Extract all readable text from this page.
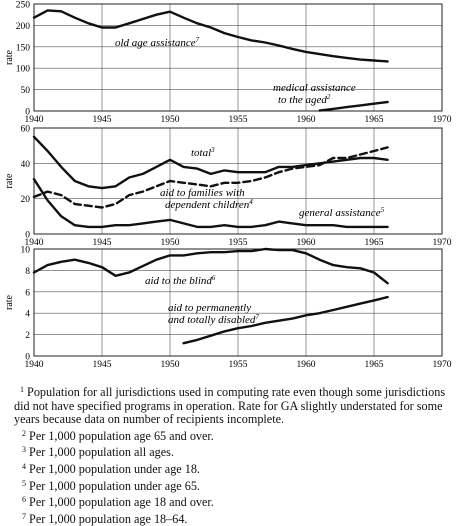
rate
0
50
100
150
200
250
1940	1945	1950	1955	1960	1965	1970
old age assistance$^7$
medical assistance
to the aged$^2$
rate
0
20
40
60
1940	1945	1950	1955	1960	1965	1970
total$^3$
aid to families with
dependent children$^4$
general assistance$^5$
rate
0
2
4
6
8
10
1940	1945	1950	1955	1960	1965	1970
aid to the blind$^6$
aid to permanently
and totally disabled$^7$
$^1$ Population for all jurisdictions used in computing rate even though some jurisdictions did not have specified programs in operation. Rate for GA slightly understated for some years because data on number of recipients incomplete.
$^2$ Per 1,000 population age 65 and over.
$^3$ Per 1,000 population all ages.
$^4$ Per 1,000 population under age 18.
$^5$ Per 1,000 population under age 65.
$^6$ Per 1,000 population age 18 and over.
$^7$ Per 1,000 population age 18–64.
